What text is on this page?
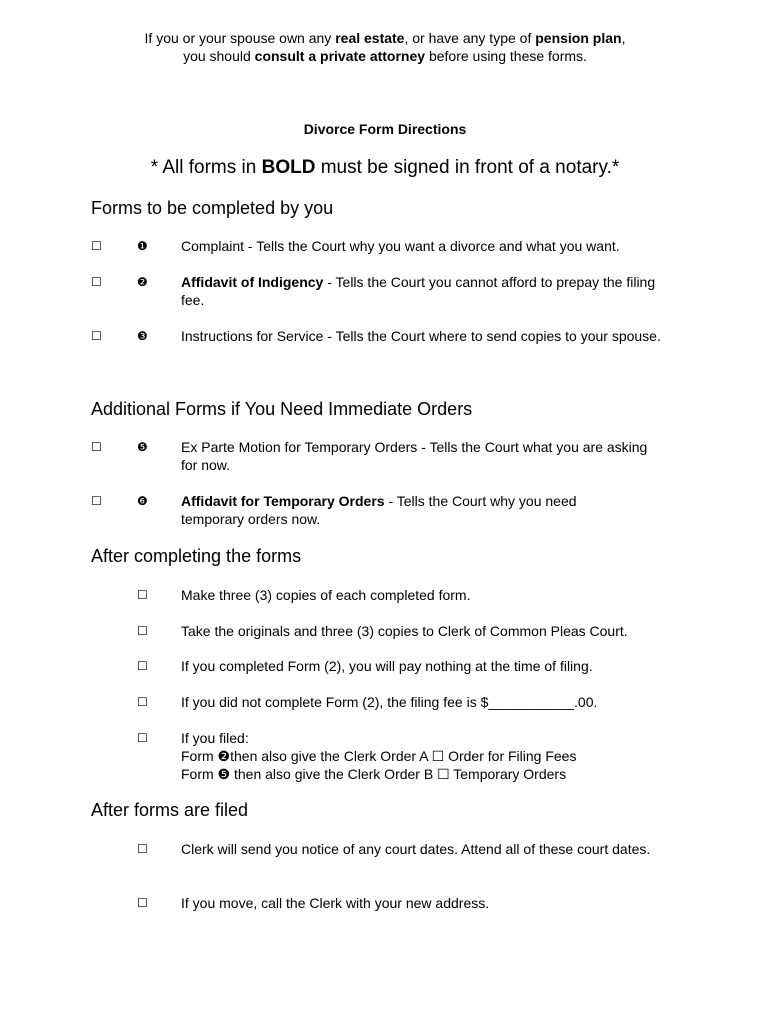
If you or your spouse own any real estate, or have any type of pension plan,
you should consult a private attorney before using these forms.
Divorce Form Directions
* All forms in BOLD must be signed in front of a notary.*
Forms to be completed by you
☐	❶ Complaint - Tells the Court why you want a divorce and what you want.
☐	❷ Affidavit of Indigency - Tells the Court you cannot afford to prepay the filing fee.
☐	❸ Instructions for Service - Tells the Court where to send copies to your spouse.
Additional Forms if You Need Immediate Orders
☐	❺ Ex Parte Motion for Temporary Orders - Tells the Court what you are asking for now.
☐	❻ Affidavit for Temporary Orders - Tells the Court why you need temporary orders now.
After completing the forms
☐ Make three (3) copies of each completed form.
☐ Take the originals and three (3) copies to Clerk of Common Pleas Court.
☐ If you completed Form (2), you will pay nothing at the time of filing.
☐ If you did not complete Form (2), the filing fee is $___________.00.
☐ If you filed:
Form ❷then also give the Clerk Order A ☐ Order for Filing Fees
Form ❺ then also give the Clerk Order B ☐ Temporary Orders
After forms are filed
☐ Clerk will send you notice of any court dates. Attend all of these court dates.
☐ If you move, call the Clerk with your new address.
